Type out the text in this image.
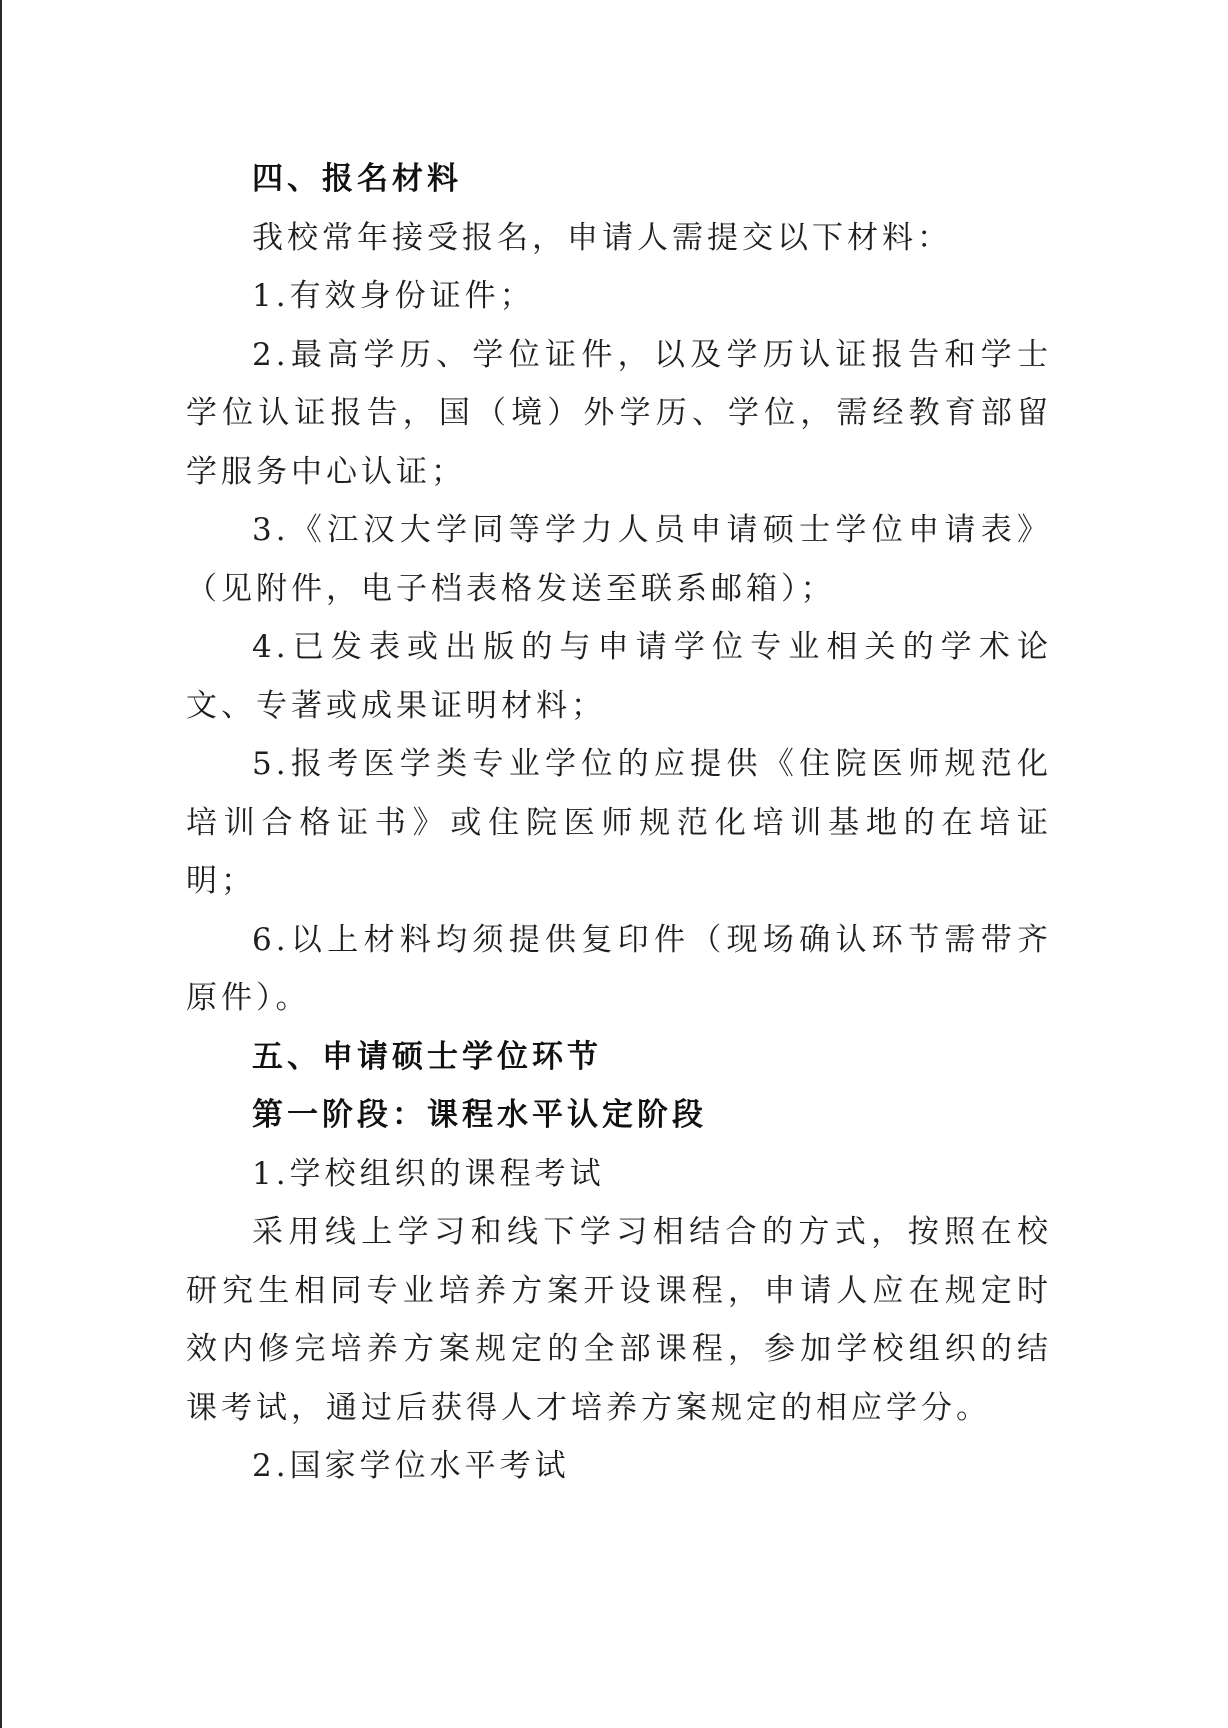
四、报名材料

我校常年接受报名，申请人需提交以下材料：

1.有效身份证件；

2.最高学历、学位证件，以及学历认证报告和学士学位认证报告，国（境）外学历、学位，需经教育部留学服务中心认证；

3.《江汉大学同等学力人员申请硕士学位申请表》（见附件，电子档表格发送至联系邮箱）；

4.已发表或出版的与申请学位专业相关的学术论文、专著或成果证明材料；

5.报考医学类专业学位的应提供《住院医师规范化培训合格证书》或住院医师规范化培训基地的在培证明；

6.以上材料均须提供复印件（现场确认环节需带齐原件）。

五、申请硕士学位环节

第一阶段：课程水平认定阶段

1.学校组织的课程考试

采用线上学习和线下学习相结合的方式，按照在校研究生相同专业培养方案开设课程，申请人应在规定时效内修完培养方案规定的全部课程，参加学校组织的结课考试，通过后获得人才培养方案规定的相应学分。

2.国家学位水平考试
